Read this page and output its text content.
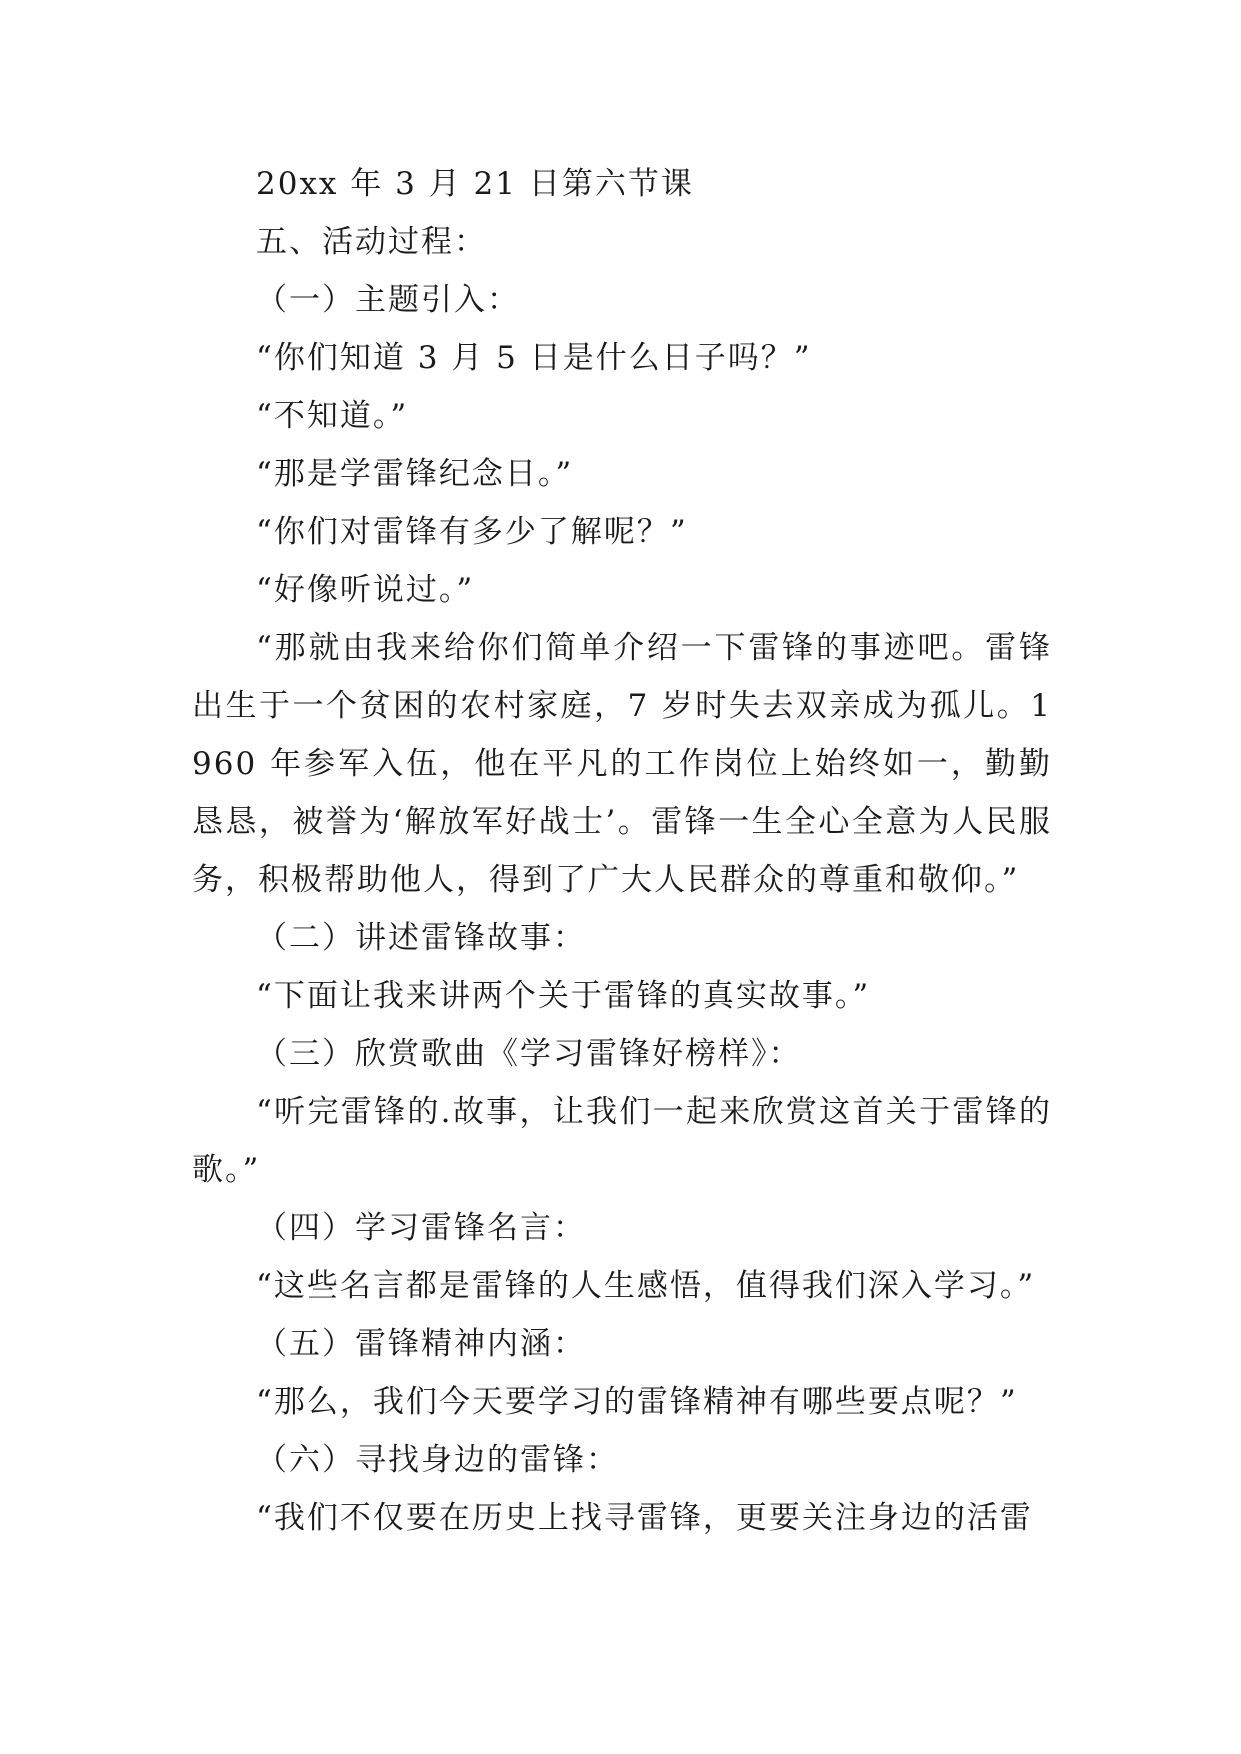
20xx 年 3 月 21 日第六节课

五、活动过程：

（一）主题引入：

“你们知道 3 月 5 日是什么日子吗？”

“不知道。”

“那是学雷锋纪念日。”

“你们对雷锋有多少了解呢？”

“好像听说过。”

“那就由我来给你们简单介绍一下雷锋的事迹吧。雷锋出生于一个贫困的农村家庭，7 岁时失去双亲成为孤儿。1960 年参军入伍，他在平凡的工作岗位上始终如一，勤勤恳恳，被誉为‘解放军好战士’。雷锋一生全心全意为人民服务，积极帮助他人，得到了广大人民群众的尊重和敬仰。”

（二）讲述雷锋故事：

“下面让我来讲两个关于雷锋的真实故事。”

（三）欣赏歌曲《学习雷锋好榜样》：

“听完雷锋的.故事，让我们一起来欣赏这首关于雷锋的歌。”

（四）学习雷锋名言：

“这些名言都是雷锋的人生感悟，值得我们深入学习。”

（五）雷锋精神内涵：

“那么，我们今天要学习的雷锋精神有哪些要点呢？”

（六）寻找身边的雷锋：

“我们不仅要在历史上找寻雷锋，更要关注身边的活雷
